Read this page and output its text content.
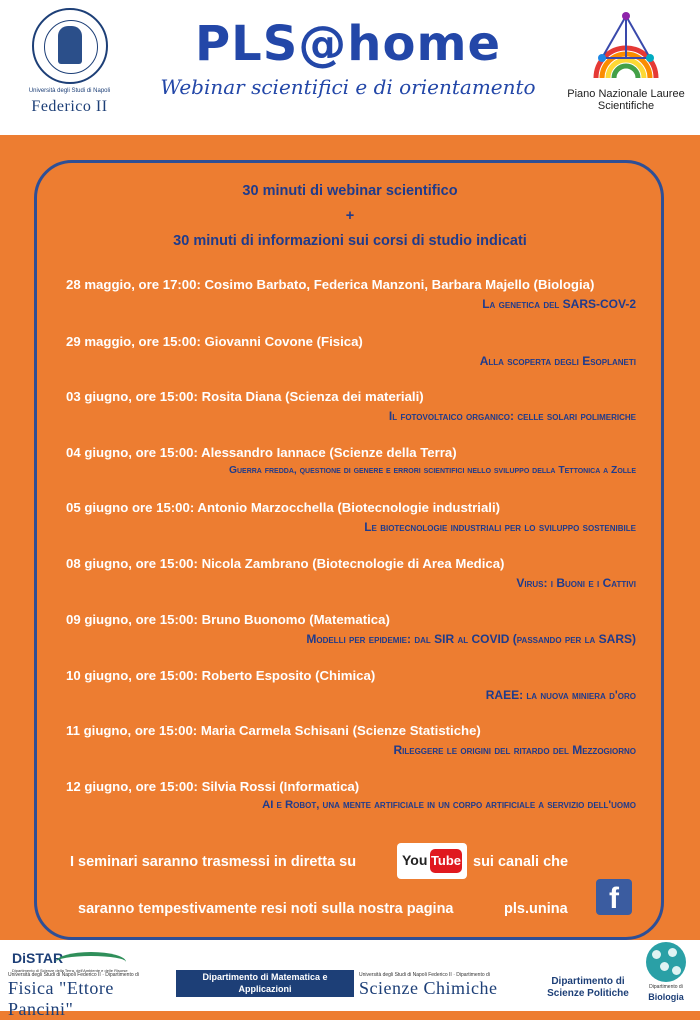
Università degli Studi di Napoli
Federico II
PLS@home
Webinar scientifici e di orientamento	Piano Nazionale Lauree Scientifiche
30 minuti di webinar scientifico
+
30 minuti di informazioni sui corsi di studio indicati
28 maggio, ore 17:00: Cosimo Barbato, Federica Manzoni, Barbara Majello (Biologia)
La genetica del SARS-COV-2
29 maggio, ore 15:00: Giovanni Covone (Fisica)
Alla scoperta degli Esoplaneti
03 giugno, ore 15:00: Rosita Diana (Scienza dei materiali)
Il fotovoltaico organico: celle solari polimeriche
04 giugno, ore 15:00: Alessandro Iannace (Scienze della Terra)
Guerra fredda, questione di genere e errori scientifici nello sviluppo della Tettonica a Zolle
05 giugno ore 15:00: Antonio Marzocchella (Biotecnologie industriali)
Le biotecnologie industriali per lo sviluppo sostenibile
08 giugno, ore 15:00: Nicola Zambrano (Biotecnologie di Area Medica)
Virus: i Buoni e i Cattivi
09 giugno, ore 15:00: Bruno Buonomo (Matematica)
Modelli per epidemie: dal SIR al COVID (passando per la SARS)
10 giugno, ore 15:00: Roberto Esposito (Chimica)
RAEE: la nuova miniera d'oro
11 giugno, ore 15:00: Maria Carmela Schisani (Scienze Statistiche)
Rileggere le origini del ritardo del Mezzogiorno
12 giugno, ore 15:00: Silvia Rossi (Informatica)
AI e Robot, una mente artificiale in un corpo artificiale a servizio dell'uomo
I seminari saranno trasmessi in diretta su	You Tube sui canali che
saranno tempestivamente resi noti sulla nostra pagina	pls.unina	f
DiSTAR
Dipartimento di Scienze della Terra, dell'Ambiente e delle Risorse
Università degli Studi di Napoli Federico II · Dipartimento di
Fisica "Ettore Pancini"
Dipartimento di Matematica e Applicazioni
"Renato Caccioppoli"
Università degli Studi di Napoli Federico II · Dipartimento di
Scienze Chimiche	Dipartimento di
Scienze Politiche
Dipartimento di
Biologia
